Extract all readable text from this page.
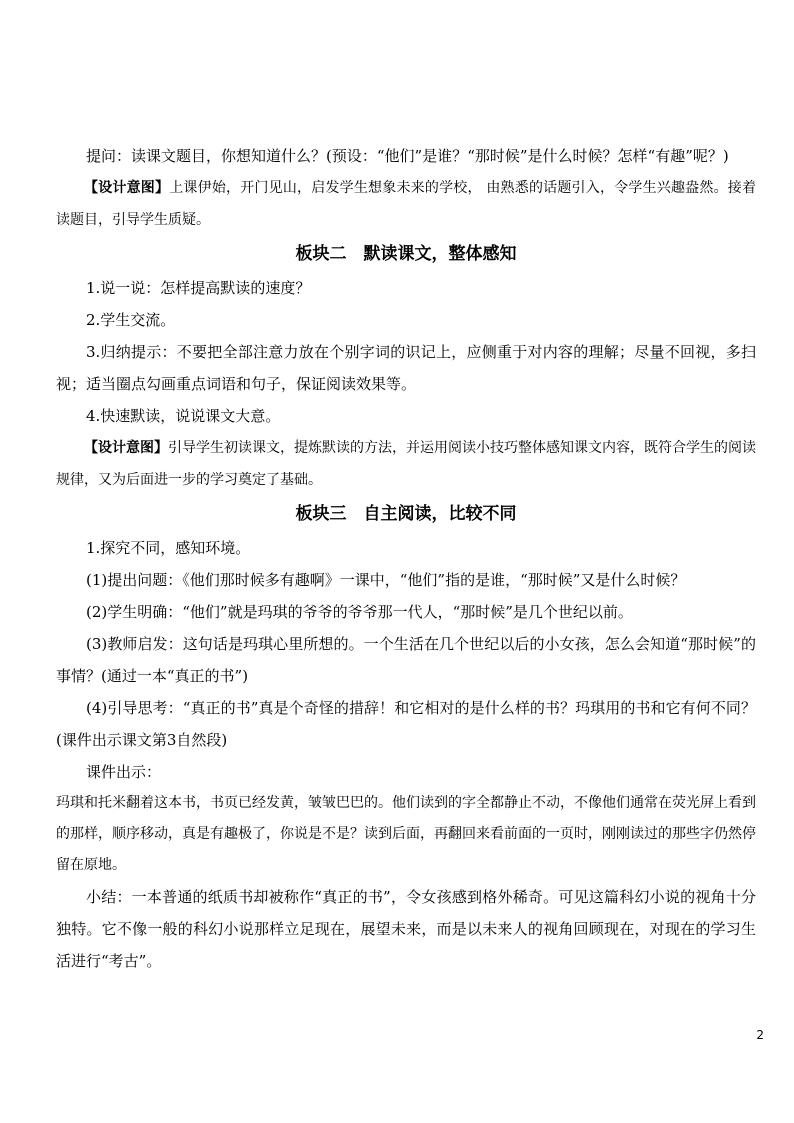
提问：读课文题目，你想知道什么？(预设：“他们”是谁？“那时候”是什么时候？怎样“有趣”呢？)

【设计意图】上课伊始，开门见山，启发学生想象未来的学校， 由熟悉的话题引入，令学生兴趣盎然。接着读题目，引导学生质疑。

板块二　默读课文，整体感知

1.说一说：怎样提高默读的速度？

2.学生交流。

3.归纳提示：不要把全部注意力放在个别字词的识记上，应侧重于对内容的理解；尽量不回视，多扫视；适当圈点勾画重点词语和句子，保证阅读效果等。

4.快速默读，说说课文大意。

【设计意图】引导学生初读课文，提炼默读的方法，并运用阅读小技巧整体感知课文内容，既符合学生的阅读规律，又为后面进一步的学习奠定了基础。

板块三　自主阅读，比较不同

1.探究不同，感知环境。

(1)提出问题：《他们那时候多有趣啊》一课中，“他们”指的是谁，“那时候”又是什么时候？

(2)学生明确：“他们”就是玛琪的爷爷的爷爷那一代人，“那时候”是几个世纪以前。

(3)教师启发：这句话是玛琪心里所想的。一个生活在几个世纪以后的小女孩，怎么会知道“那时候”的事情？(通过一本“真正的书”)

(4)引导思考：“真正的书”真是个奇怪的措辞！和它相对的是什么样的书？玛琪用的书和它有何不同？(课件出示课文第3自然段)

课件出示：

玛琪和托米翻着这本书，书页已经发黄，皱皱巴巴的。他们读到的字全都静止不动，不像他们通常在荧光屏上看到的那样，顺序移动，真是有趣极了，你说是不是？读到后面，再翻回来看前面的一页时，刚刚读过的那些字仍然停留在原地。

小结：一本普通的纸质书却被称作“真正的书”，令女孩感到格外稀奇。可见这篇科幻小说的视角十分独特。它不像一般的科幻小说那样立足现在，展望未来，而是以未来人的视角回顾现在，对现在的学习生活进行“考古”。

2
